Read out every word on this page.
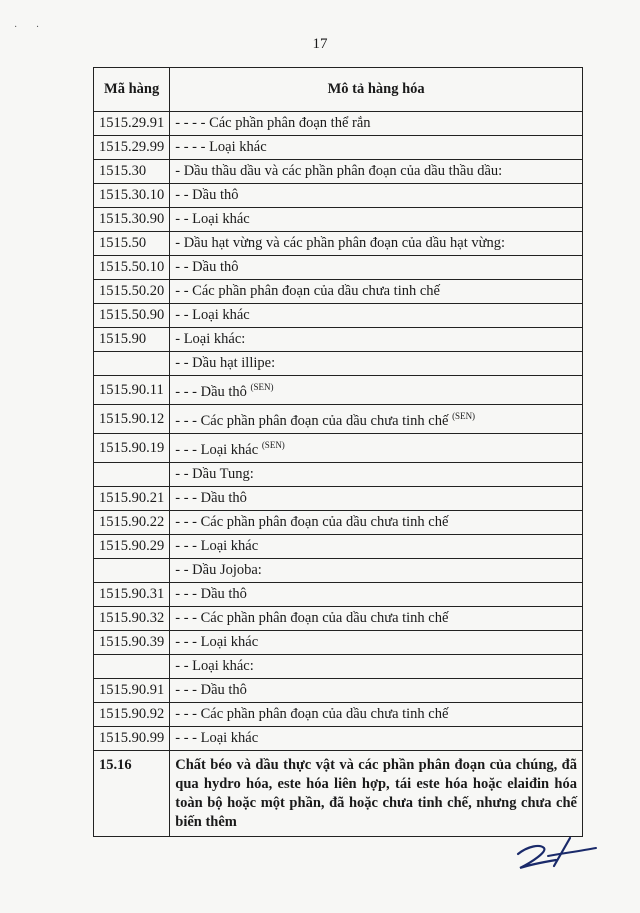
· ·
17
Mã hàng	Mô tả hàng hóa
1515.29.91	- - - - Các phần phân đoạn thể rắn
1515.29.99	- - - - Loại khác
1515.30	- Dầu thầu dầu và các phần phân đoạn của dầu thầu dầu:
1515.30.10	- - Dầu thô
1515.30.90	- - Loại khác
1515.50	- Dầu hạt vừng và các phần phân đoạn của dầu hạt vừng:
1515.50.10	- - Dầu thô
1515.50.20	- - Các phần phân đoạn của dầu chưa tinh chế
1515.50.90	- - Loại khác
1515.90	- Loại khác:
	- - Dầu hạt illipe:
1515.90.11	- - - Dầu thô $^{(SEN)}$
1515.90.12	- - - Các phần phân đoạn của dầu chưa tinh chế $^{(SEN)}$
1515.90.19	- - - Loại khác $^{(SEN)}$
	- - Dầu Tung:
1515.90.21	- - - Dầu thô
1515.90.22	- - - Các phần phân đoạn của dầu chưa tinh chế
1515.90.29	- - - Loại khác
	- - Dầu Jojoba:
1515.90.31	- - - Dầu thô
1515.90.32	- - - Các phần phân đoạn của dầu chưa tinh chế
1515.90.39	- - - Loại khác
	- - Loại khác:
1515.90.91	- - - Dầu thô
1515.90.92	- - - Các phần phân đoạn của dầu chưa tinh chế
1515.90.99	- - - Loại khác
15.16	Chất béo và dầu thực vật và các phần phân đoạn của chúng, đã qua hydro hóa, este hóa liên hợp, tái este hóa hoặc elaiđin hóa toàn bộ hoặc một phần, đã hoặc chưa tinh chế, nhưng chưa chế biến thêm
